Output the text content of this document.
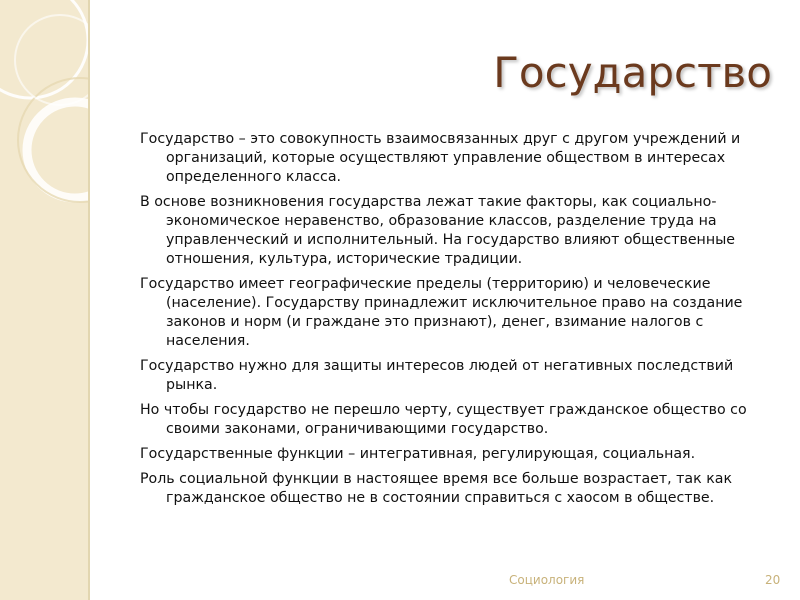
Государство
Государство – это совокупность взаимосвязанных друг с другом учреждений и организаций, которые осуществляют управление обществом в интересах определенного класса.
В основе возникновения государства лежат такие факторы, как социально-экономическое неравенство, образование классов, разделение труда на управленческий и исполнительный. На государство влияют общественные отношения, культура, исторические традиции.
Государство имеет географические пределы (территорию) и человеческие (население). Государству принадлежит исключительное право на создание законов и норм (и граждане это признают), денег, взимание налогов с населения.
Государство нужно для защиты интересов людей от негативных последствий рынка.
Но чтобы государство не перешло черту, существует гражданское общество со своими законами, ограничивающими государство.
Государственные функции – интегративная, регулирующая, социальная.
Роль социальной функции в настоящее время все больше возрастает, так как гражданское общество не в состоянии справиться с хаосом в обществе.
Социология	20
